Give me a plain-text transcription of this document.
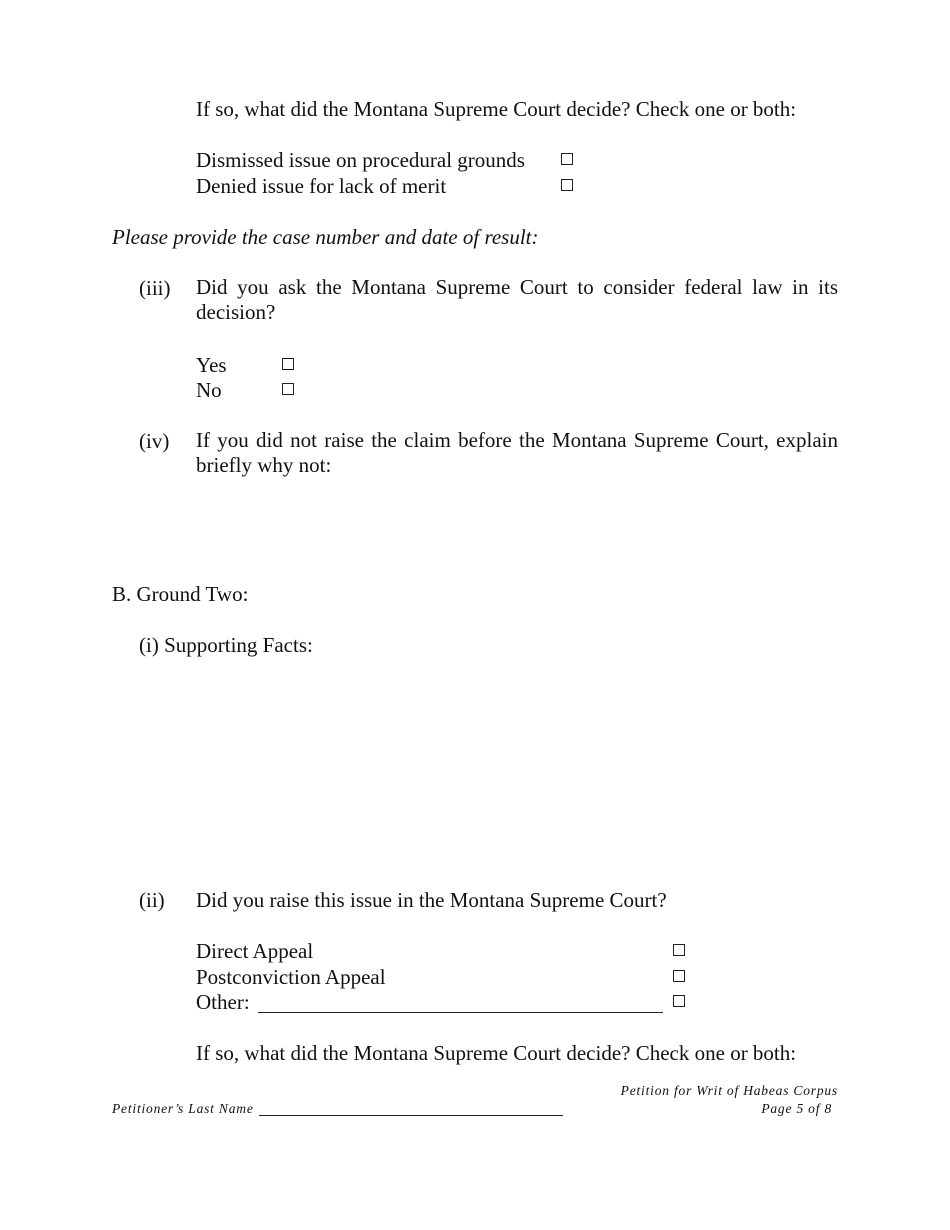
If so, what did the Montana Supreme Court decide? Check one or both:
Dismissed issue on procedural grounds
Denied issue for lack of merit
Please provide the case number and date of result:
(iii) Did you ask the Montana Supreme Court to consider federal law in its decision?
Yes
No
(iv) If you did not raise the claim before the Montana Supreme Court, explain briefly why not:
B. Ground Two:
(i) Supporting Facts:
(ii) Did you raise this issue in the Montana Supreme Court?
Direct Appeal
Postconviction Appeal
Other:
If so, what did the Montana Supreme Court decide? Check one or both:
Petition for Writ of Habeas Corpus
Petitioner’s Last Name	Page 5 of 8
